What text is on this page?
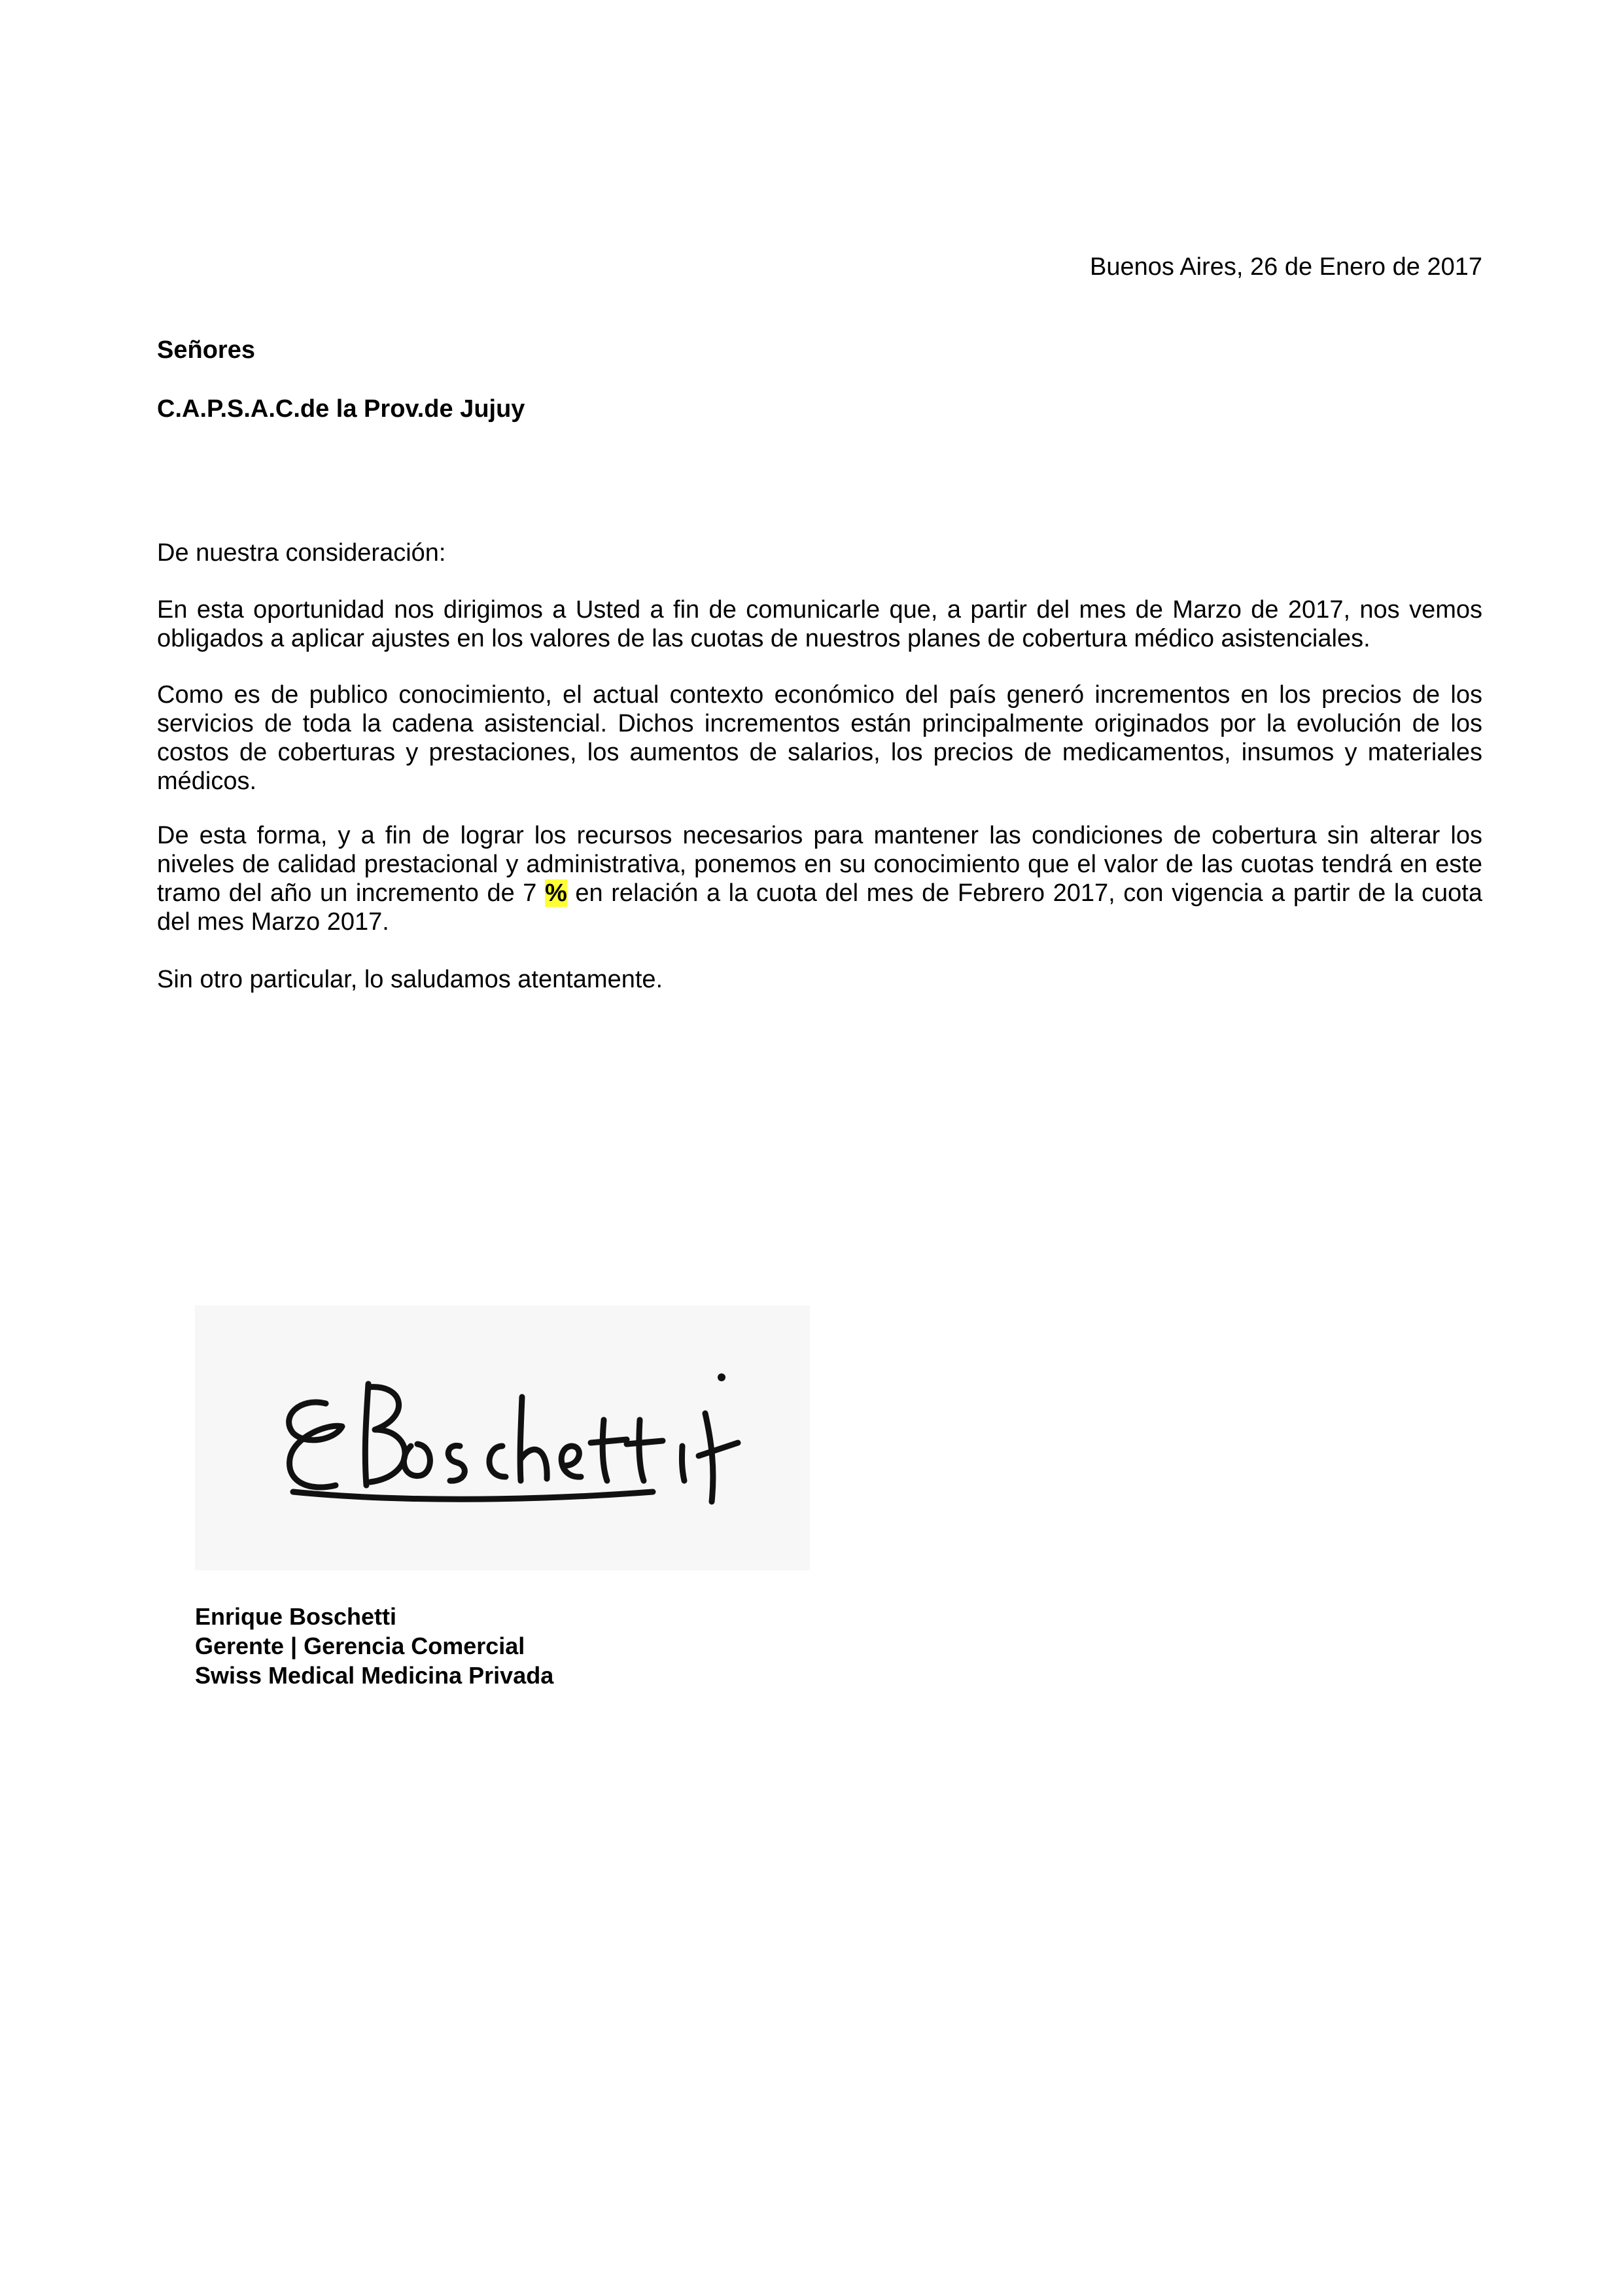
Buenos Aires, 26 de Enero de 2017
Señores
C.A.P.S.A.C.de la Prov.de Jujuy
De nuestra consideración:
En esta oportunidad nos dirigimos a Usted a fin de comunicarle que, a partir del mes de Marzo de 2017, nos vemos obligados a aplicar ajustes en los valores de las cuotas de nuestros planes de cobertura médico asistenciales.
Como es de publico conocimiento, el actual contexto económico del país generó incrementos en los precios de los servicios de toda la cadena asistencial. Dichos incrementos están principalmente originados por la evolución de los costos de coberturas y prestaciones, los aumentos de salarios, los precios de medicamentos, insumos y materiales médicos.
De esta forma, y a fin de lograr los recursos necesarios para mantener las condiciones de cobertura sin alterar los niveles de calidad prestacional y administrativa, ponemos en su conocimiento que el valor de las cuotas tendrá en este tramo del año un incremento de 7 % en relación a la cuota del mes de Febrero 2017, con vigencia a partir de la cuota del mes Marzo 2017.
Sin otro particular, lo saludamos atentamente.
Enrique Boschetti
Gerente | Gerencia Comercial
Swiss Medical Medicina Privada
